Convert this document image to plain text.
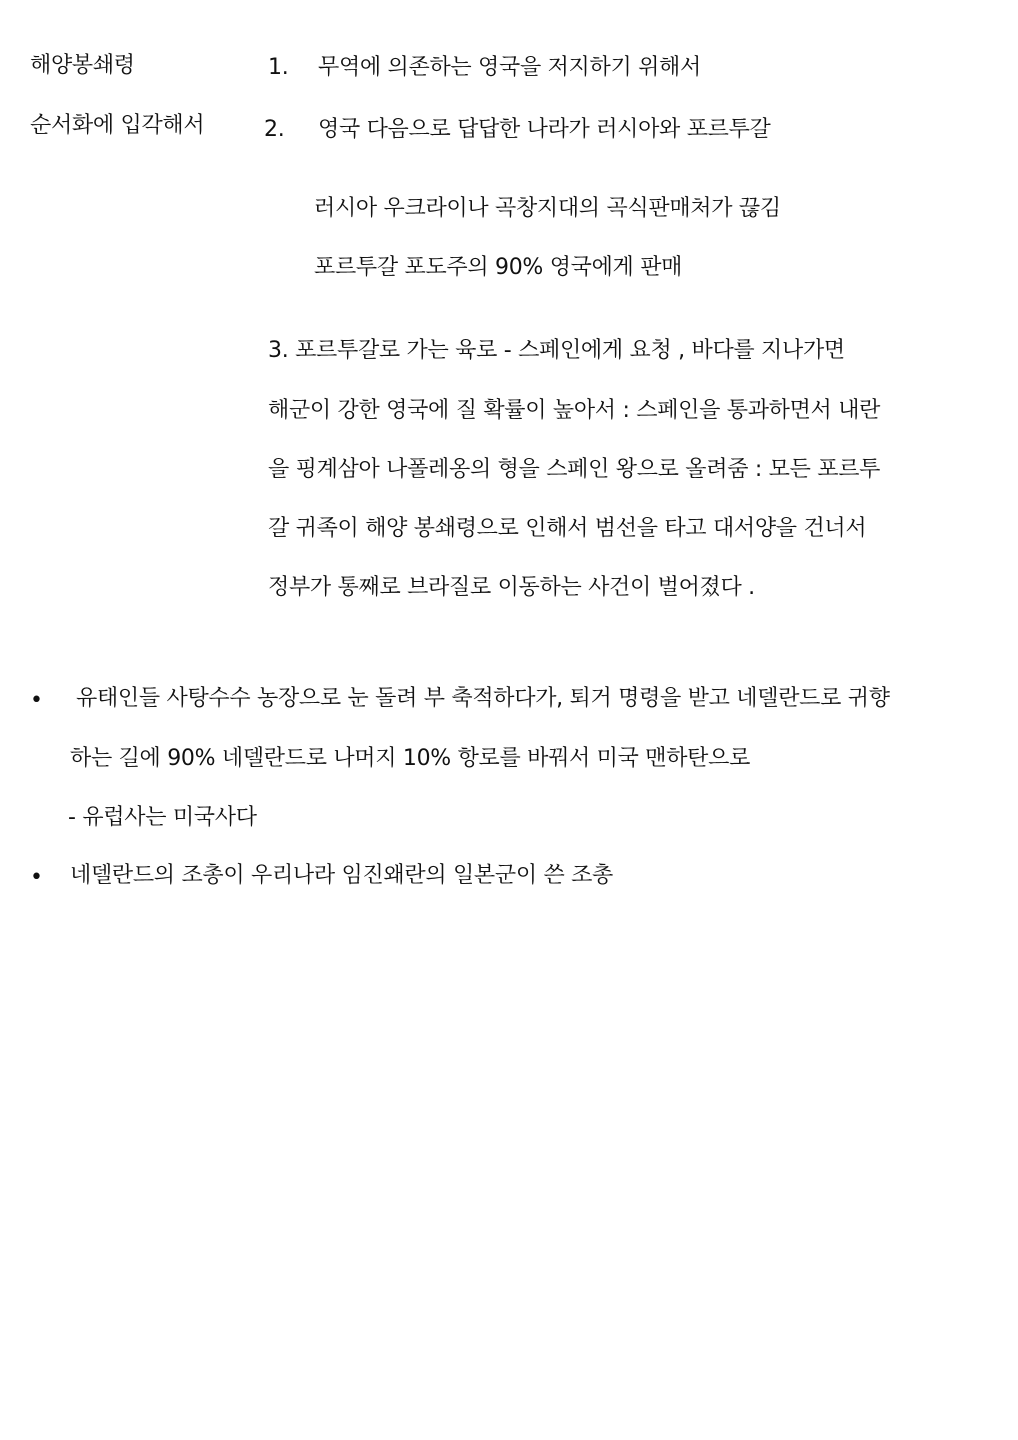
해양봉쇄령
순서화에 입각해서
1. 무역에 의존하는 영국을 저지하기 위해서
2. 영국 다음으로 답답한 나라가 러시아와 포르투갈
러시아 우크라이나 곡창지대의 곡식판매처가 끊김
포르투갈 포도주의 90% 영국에게 판매
3. 포르투갈로 가는 육로 - 스페인에게 요청 , 바다를 지나가면
해군이 강한 영국에 질 확률이 높아서 : 스페인을 통과하면서 내란
을 핑계삼아 나폴레옹의 형을 스페인 왕으로 올려줌 : 모든 포르투
갈 귀족이 해양 봉쇄령으로 인해서 범선을 타고 대서양을 건너서
정부가 통째로 브라질로 이동하는 사건이 벌어졌다 .
• 유태인들 사탕수수 농장으로 눈 돌려 부 축적하다가, 퇴거 명령을 받고 네델란드로 귀향
하는 길에 90% 네델란드로 나머지 10% 항로를 바꿔서 미국 맨하탄으로
- 유럽사는 미국사다
• 네델란드의 조총이 우리나라 임진왜란의 일본군이 쓴 조총
